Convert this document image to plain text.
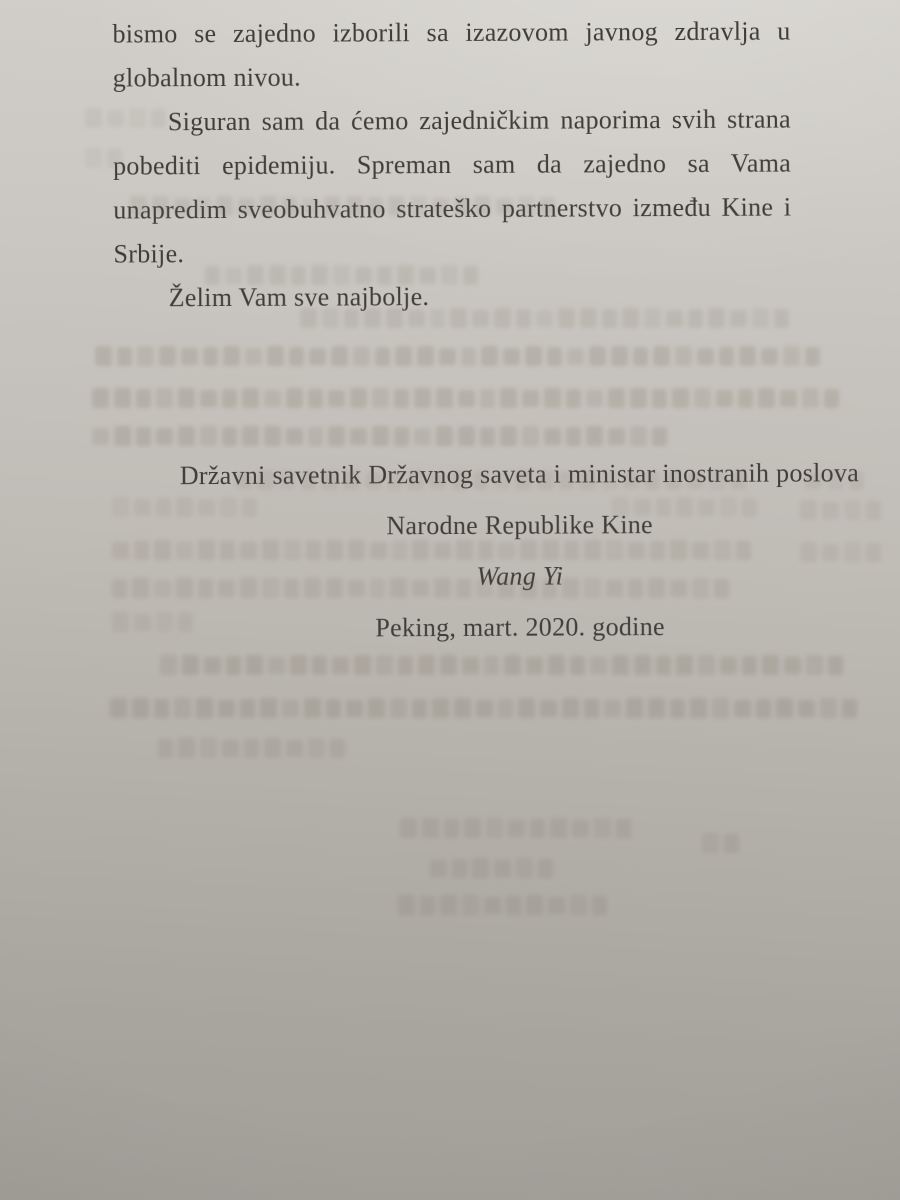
bismo se zajedno izborili sa izazovom javnog zdravlja u
globalnom nivou.
Siguran sam da ćemo zajedničkim naporima svih strana
pobediti epidemiju. Spreman sam da zajedno sa Vama
unapredim sveobuhvatno strateško partnerstvo između Kine i
Srbije.
Želim Vam sve najbolje.
Državni savetnik Državnog saveta i ministar inostranih poslova
Narodne Republike Kine
Wang Yi
Peking, mart. 2020. godine
